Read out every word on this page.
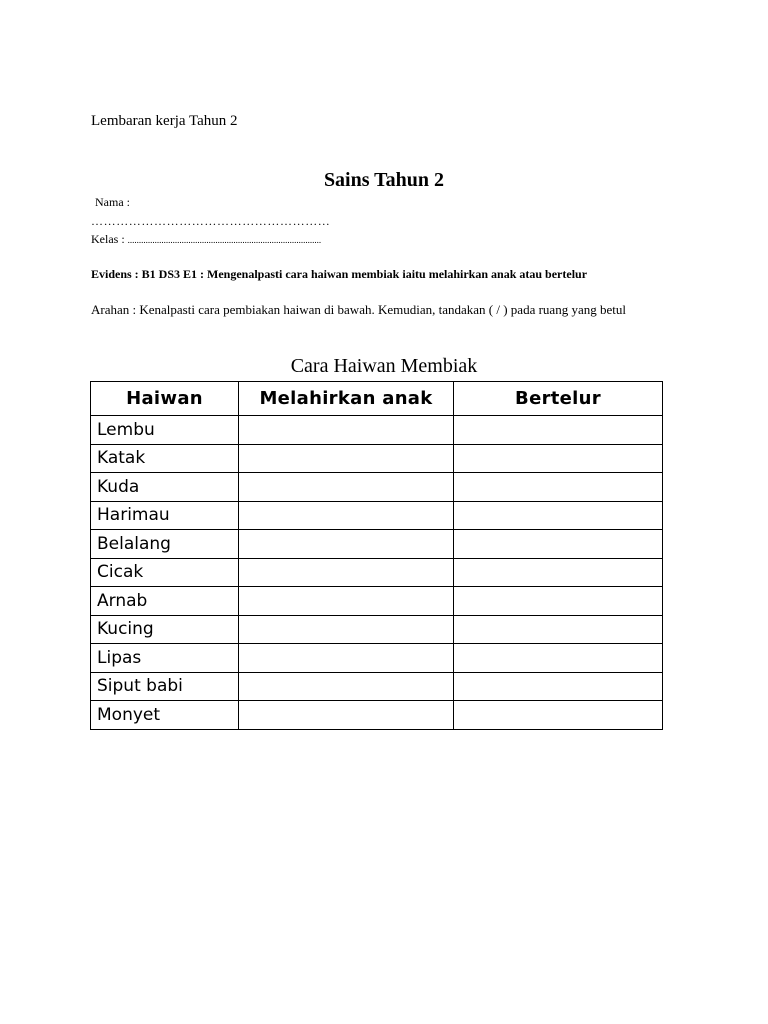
Lembaran kerja Tahun 2
Sains Tahun 2
Nama :
…………………………………………………
Kelas : ......................................................................................
Evidens : B1 DS3 E1 : Mengenalpasti cara haiwan membiak iaitu melahirkan anak atau bertelur
Arahan : Kenalpasti cara pembiakan haiwan di bawah. Kemudian, tandakan ( / ) pada ruang yang betul
Cara Haiwan Membiak
Haiwan	Melahirkan anak	Bertelur
Lembu		
Katak		
Kuda		
Harimau		
Belalang		
Cicak		
Arnab		
Kucing		
Lipas		
Siput babi		
Monyet		
